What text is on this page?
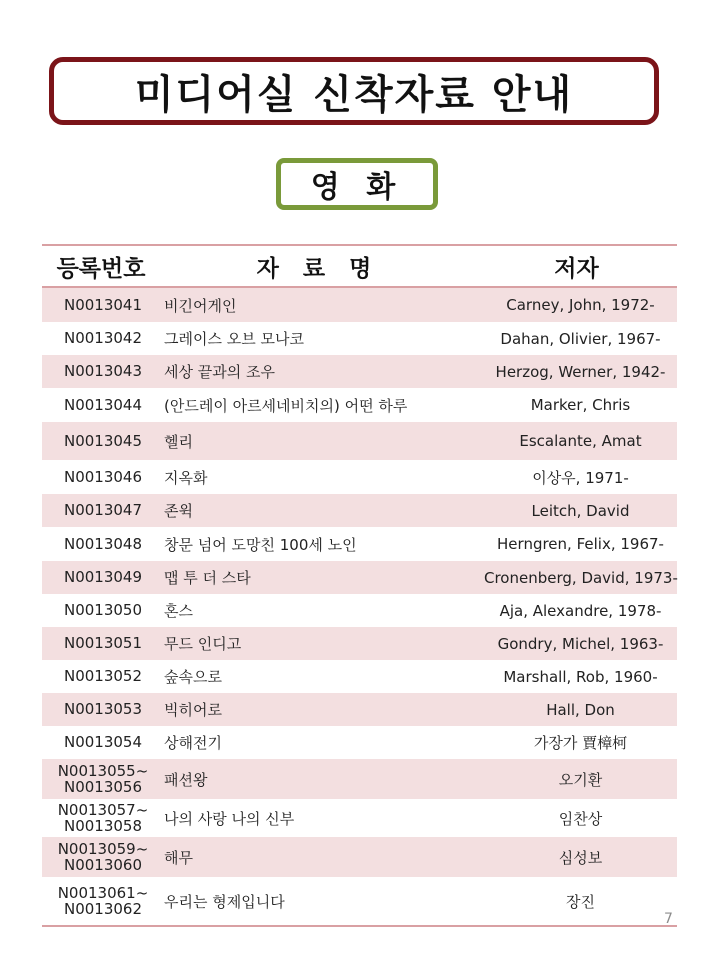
미디어실 신착자료 안내
영 화
등록번호	자 료 명	저자
N0013041	비긴어게인	Carney, John, 1972-
N0013042	그레이스 오브 모나코	Dahan, Olivier, 1967-
N0013043	세상 끝과의 조우	Herzog, Werner, 1942-
N0013044	(안드레이 아르세네비치의) 어떤 하루	Marker, Chris
N0013045	헬리	Escalante, Amat
N0013046	지옥화	이상우, 1971-
N0013047	존윅	Leitch, David
N0013048	창문 넘어 도망친 100세 노인	Herngren, Felix, 1967-
N0013049	맵 투 더 스타	Cronenberg, David, 1973-
N0013050	혼스	Aja, Alexandre, 1978-
N0013051	무드 인디고	Gondry, Michel, 1963-
N0013052	숲속으로	Marshall, Rob, 1960-
N0013053	빅히어로	Hall, Don
N0013054	상해전기	가장가 賈樟柯
N0013055~ N0013056	패션왕	오기환
N0013057~ N0013058	나의 사랑 나의 신부	임찬상
N0013059~ N0013060	해무	심성보
N0013061~ N0013062	우리는 형제입니다	장진
7
